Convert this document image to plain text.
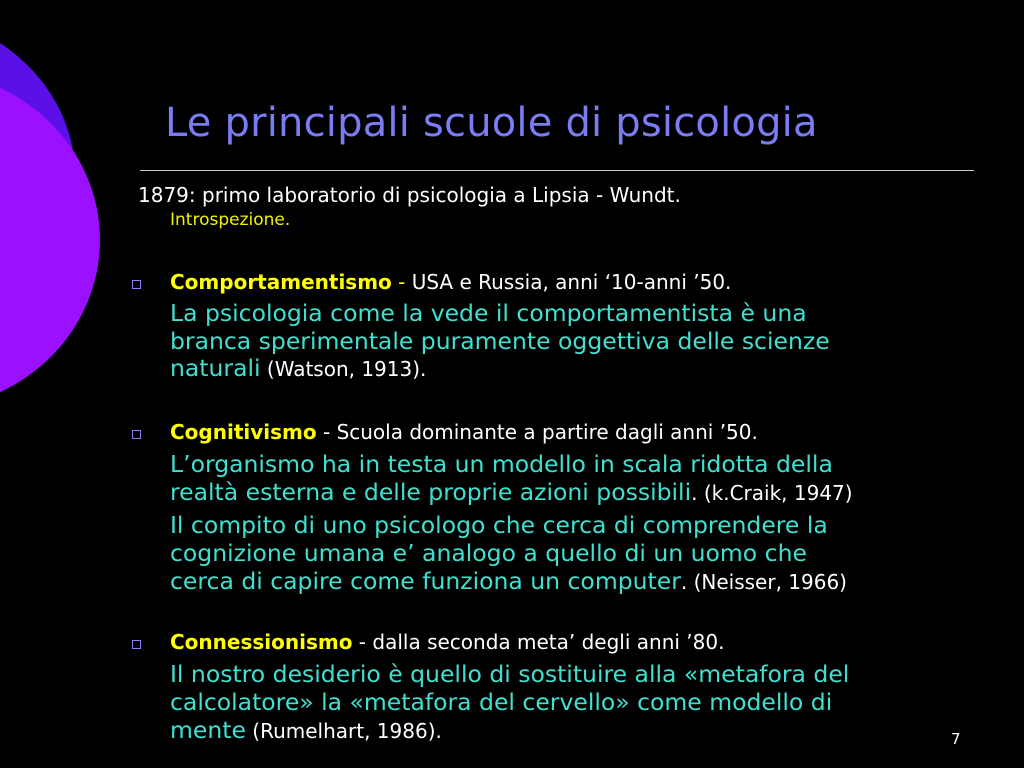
Le principali scuole di psicologia
1879: primo laboratorio di psicologia a Lipsia - Wundt.
Introspezione.
Comportamentismo - USA e Russia, anni ‘10-anni ’50.
La psicologia come la vede il comportamentista è una
branca sperimentale puramente oggettiva delle scienze
naturali (Watson, 1913).
Cognitivismo - Scuola dominante a partire dagli anni ’50.
L’organismo ha in testa un modello in scala ridotta della
realtà esterna e delle proprie azioni possibili. (k.Craik, 1947)
Il compito di uno psicologo che cerca di comprendere la
cognizione umana e’ analogo a quello di un uomo che
cerca di capire come funziona un computer. (Neisser, 1966)
Connessionismo - dalla seconda meta’ degli anni ’80.
Il nostro desiderio è quello di sostituire alla «metafora del
calcolatore» la «metafora del cervello» come modello di
mente (Rumelhart, 1986).	7
